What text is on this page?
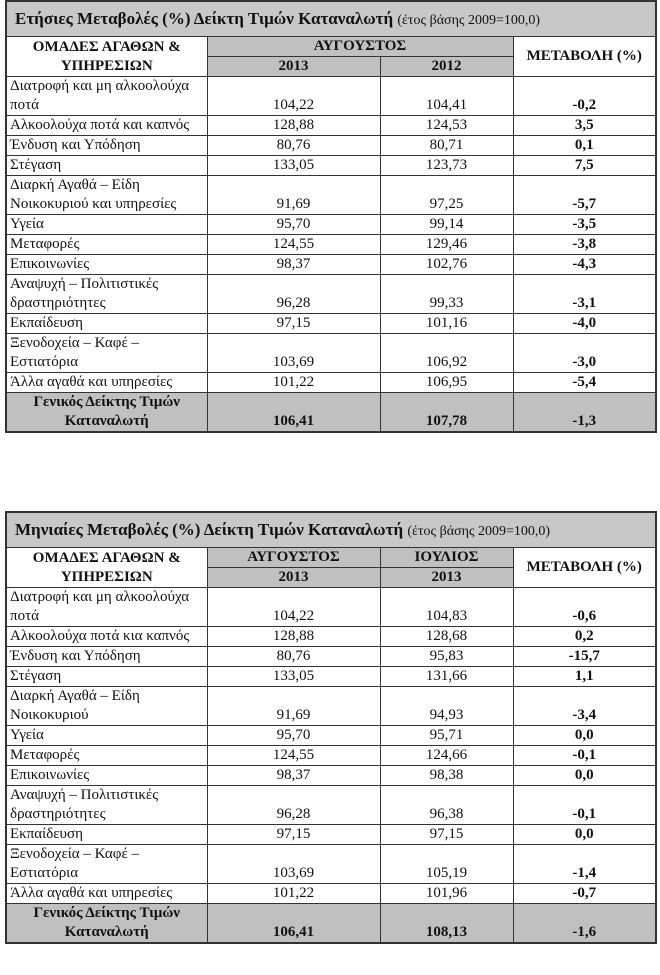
Ετήσιες Μεταβολές (%) Δείκτη Τιμών Καταναλωτή (έτος βάσης 2009=100,0)			
ΟΜΑΔΕΣ ΑΓΑΘΩΝ & ΥΠΗΡΕΣΙΩΝ	ΑΥΓΟΥΣΤΟΣ		ΜΕΤΑΒΟΛΗ (%)
	2013	2012	
Διατροφή και μη αλκοολούχα ποτά	104,22	104,41	-0,2
Αλκοολούχα ποτά και καπνός	128,88	124,53	3,5
Ένδυση και Υπόδηση	80,76	80,71	0,1
Στέγαση	133,05	123,73	7,5
Διαρκή Αγαθά – Είδη Νοικοκυριού και υπηρεσίες	91,69	97,25	-5,7
Υγεία	95,70	99,14	-3,5
Μεταφορές	124,55	129,46	-3,8
Επικοινωνίες	98,37	102,76	-4,3
Αναψυχή – Πολιτιστικές δραστηριότητες	96,28	99,33	-3,1
Εκπαίδευση	97,15	101,16	-4,0
Ξενοδοχεία – Καφέ – Εστιατόρια	103,69	106,92	-3,0
Άλλα αγαθά και υπηρεσίες	101,22	106,95	-5,4
Γενικός Δείκτης Τιμών Καταναλωτή	106,41	107,78	-1,3
Μηνιαίες Μεταβολές (%) Δείκτη Τιμών Καταναλωτή (έτος βάσης 2009=100,0)			
ΟΜΑΔΕΣ ΑΓΑΘΩΝ & ΥΠΗΡΕΣΙΩΝ	ΑΥΓΟΥΣΤΟΣ	ΙΟΥΛΙΟΣ	ΜΕΤΑΒΟΛΗ (%)
	2013	2013	
Διατροφή και μη αλκοολούχα ποτά	104,22	104,83	-0,6
Αλκοολούχα ποτά κια καπνός	128,88	128,68	0,2
Ένδυση και Υπόδηση	80,76	95,83	-15,7
Στέγαση	133,05	131,66	1,1
Διαρκή Αγαθά – Είδη Νοικοκυριού	91,69	94,93	-3,4
Υγεία	95,70	95,71	0,0
Μεταφορές	124,55	124,66	-0,1
Επικοινωνίες	98,37	98,38	0,0
Αναψυχή – Πολιτιστικές δραστηριότητες	96,28	96,38	-0,1
Εκπαίδευση	97,15	97,15	0,0
Ξενοδοχεία – Καφέ – Εστιατόρια	103,69	105,19	-1,4
Άλλα αγαθά και υπηρεσίες	101,22	101,96	-0,7
Γενικός Δείκτης Τιμών Καταναλωτή	106,41	108,13	-1,6
